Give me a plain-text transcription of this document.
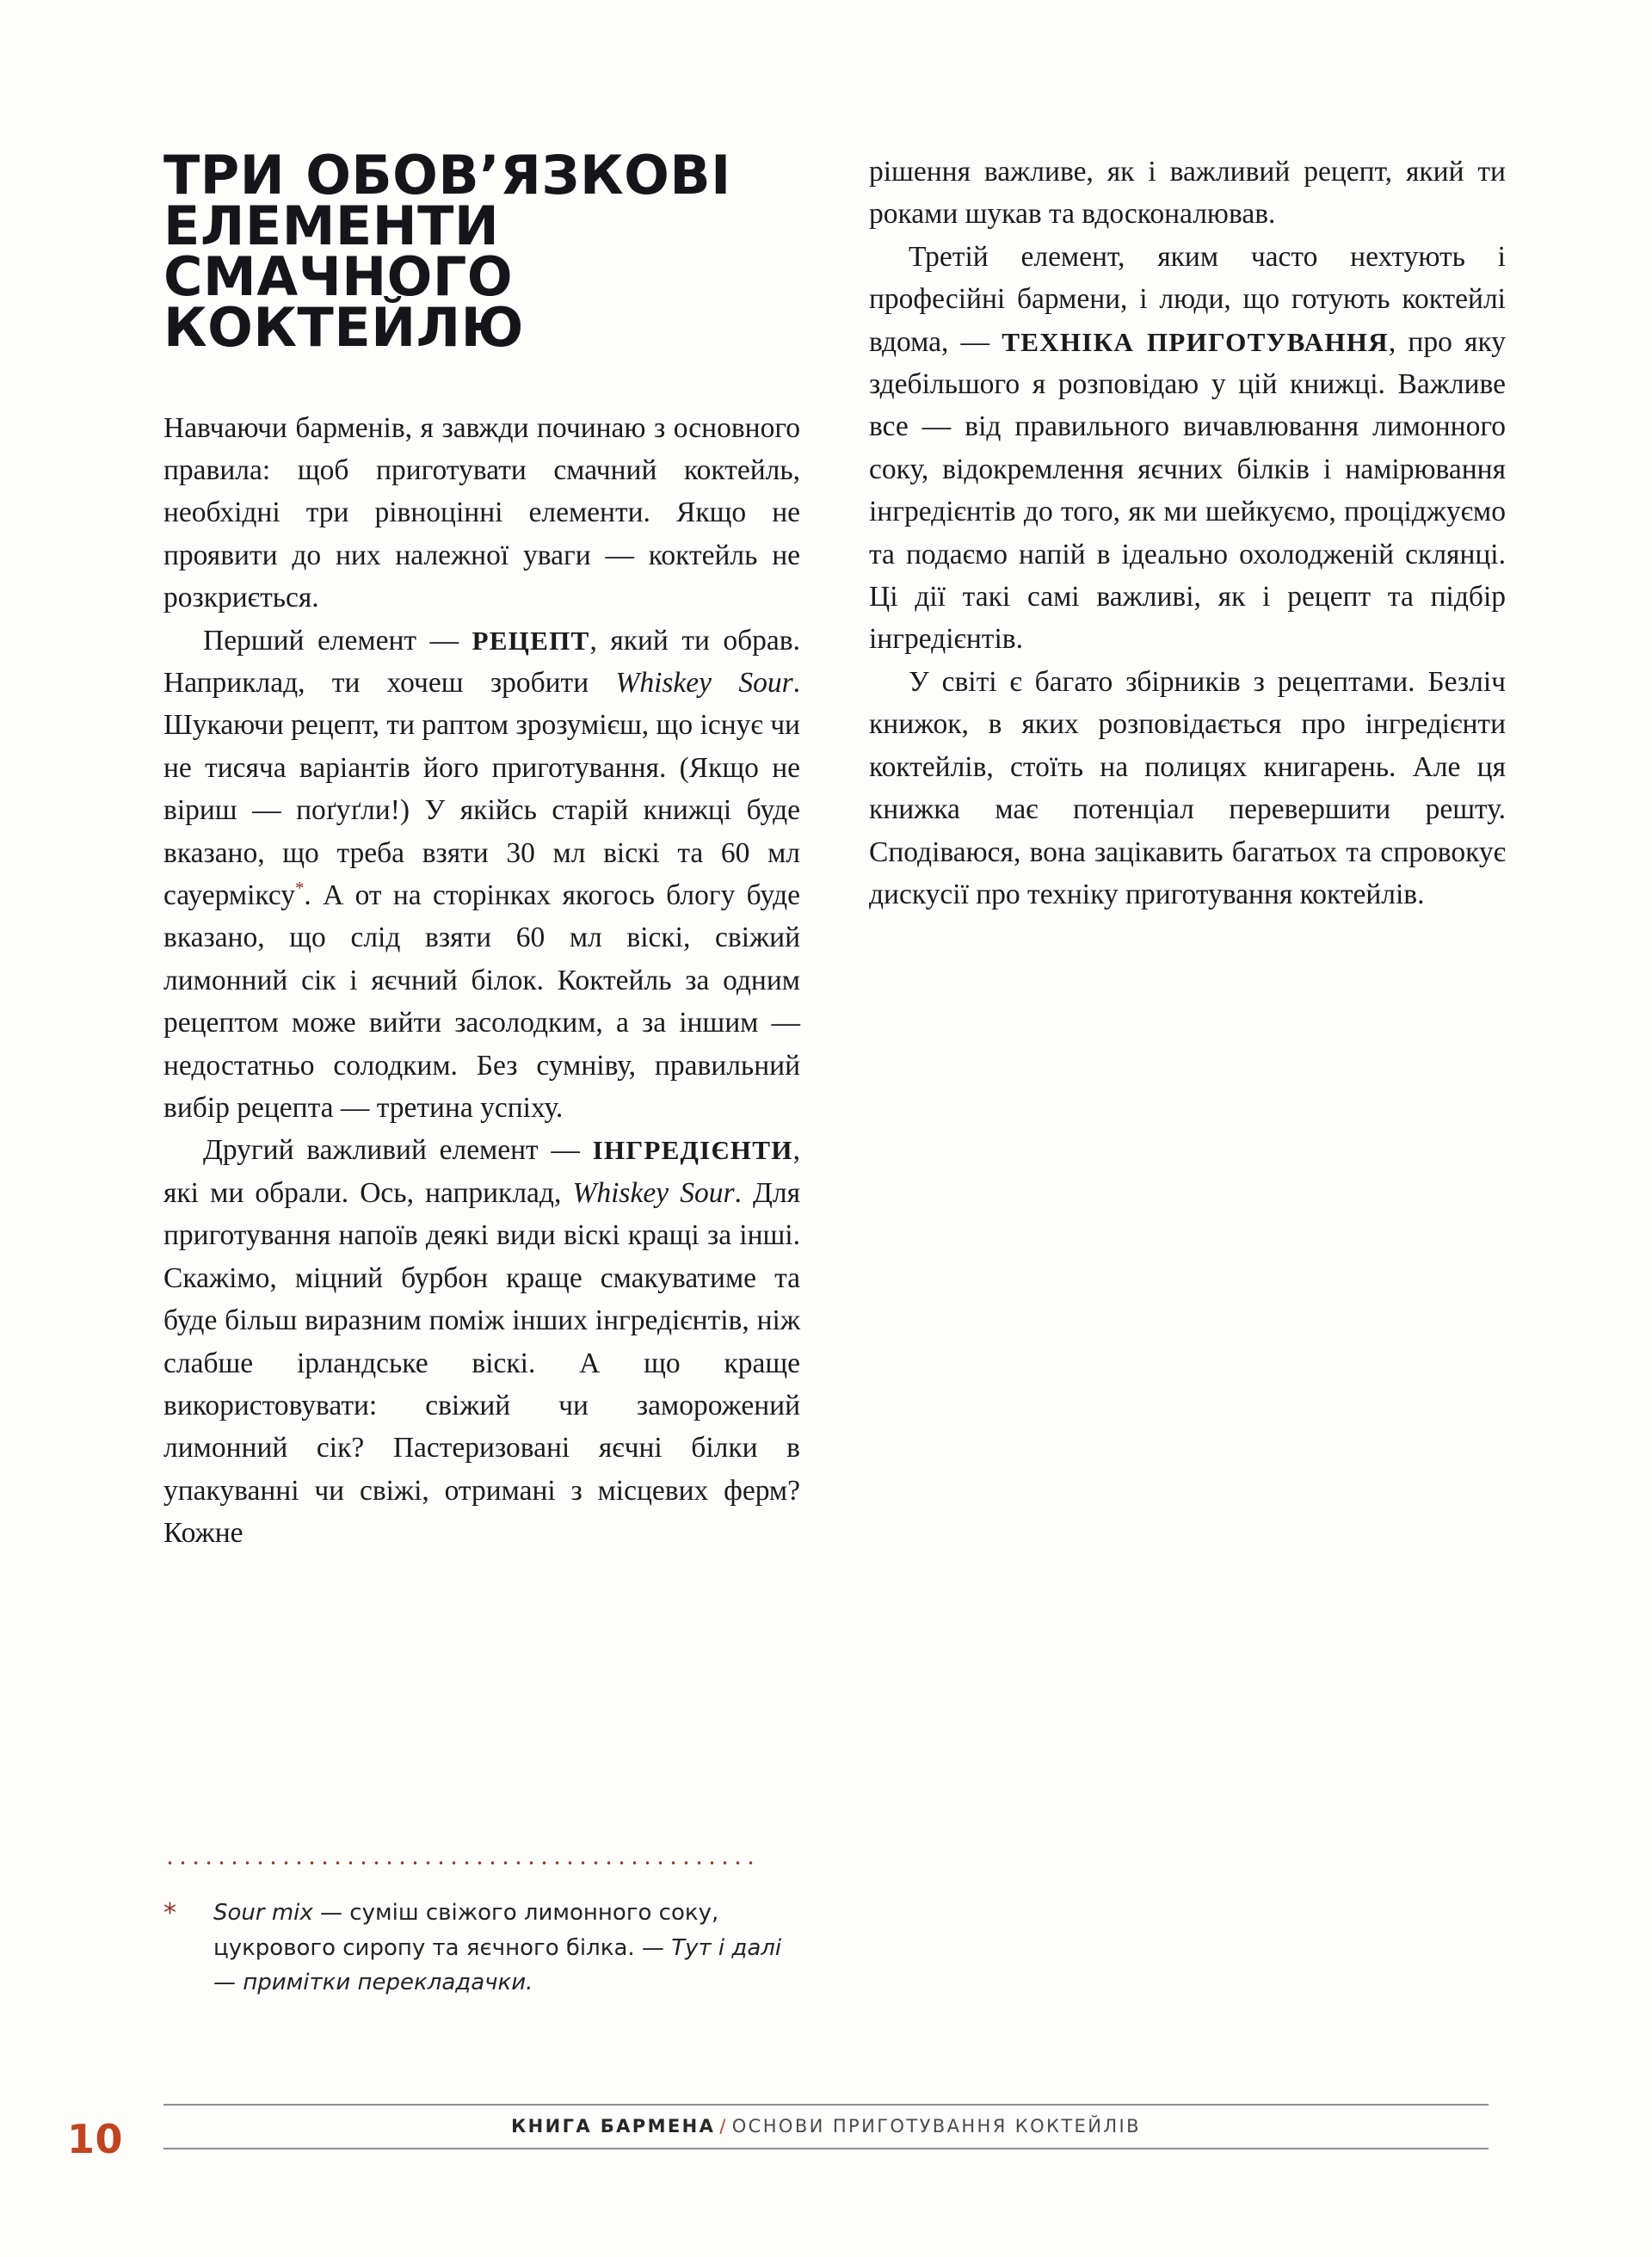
ТРИ ОБОВ’ЯЗКОВІ
ЕЛЕМЕНТИ
СМАЧНОГО
КОКТЕЙЛЮ

Навчаючи барменів, я завжди починаю з основного правила: щоб приготувати смачний коктейль, необхідні три рівноцінні елементи. Якщо не проявити до них належної уваги — коктейль не розкриється.

Перший елемент — РЕЦЕПТ, який ти обрав. Наприклад, ти хочеш зробити Whiskey Sour. Шукаючи рецепт, ти раптом зрозумієш, що існує чи не тисяча варіантів його приготування. (Якщо не віриш — поґуґли!) У якійсь старій книжці буде вказано, що треба взяти 30 мл віскі та 60 мл сауерміксу*. А от на сторінках якогось блогу буде вказано, що слід взяти 60 мл віскі, свіжий лимонний сік і яєчний білок. Коктейль за одним рецептом може вийти засолодким, а за іншим — недостатньо солодким. Без сумніву, правильний вибір рецепта — третина успіху.

Другий важливий елемент — ІНГРЕДІЄНТИ, які ми обрали. Ось, наприклад, Whiskey Sour. Для приготування напоїв деякі види віскі кращі за інші. Скажімо, міцний бурбон краще смакуватиме та буде більш виразним поміж інших інгредієнтів, ніж слабше ірландське віскі. А що краще використовувати: свіжий чи заморожений лимонний сік? Пастеризовані яєчні білки в упакуванні чи свіжі, отримані з місцевих ферм? Кожне

*	Sour mix — суміш свіжого лимонного соку, цукрового сиропу та яєчного білка. — Тут і далі — примітки перекладачки.

рішення важливе, як і важливий рецепт, який ти роками шукав та вдосконалював.

Третій елемент, яким часто нехтують і професійні бармени, і люди, що готують коктейлі вдома, — ТЕХНІКА ПРИГОТУВАННЯ, про яку здебільшого я розповідаю у цій книжці. Важливе все — від правильного вичавлювання лимонного соку, відокремлення яєчних білків і намірювання інгредієнтів до того, як ми шейкуємо, проціджуємо та подаємо напій в ідеально охолодженій склянці. Ці дії такі самі важливі, як і рецепт та підбір інгредієнтів.

У світі є багато збірників з рецептами. Безліч книжок, в яких розповідається про інгредієнти коктейлів, стоїть на полицях книгарень. Але ця книжка має потенціал перевершити решту. Сподіваюся, вона зацікавить багатьох та спровокує дискусії про техніку приготування коктейлів.

10	КНИГА БАРМЕНА / ОСНОВИ ПРИГОТУВАННЯ КОКТЕЙЛІВ
